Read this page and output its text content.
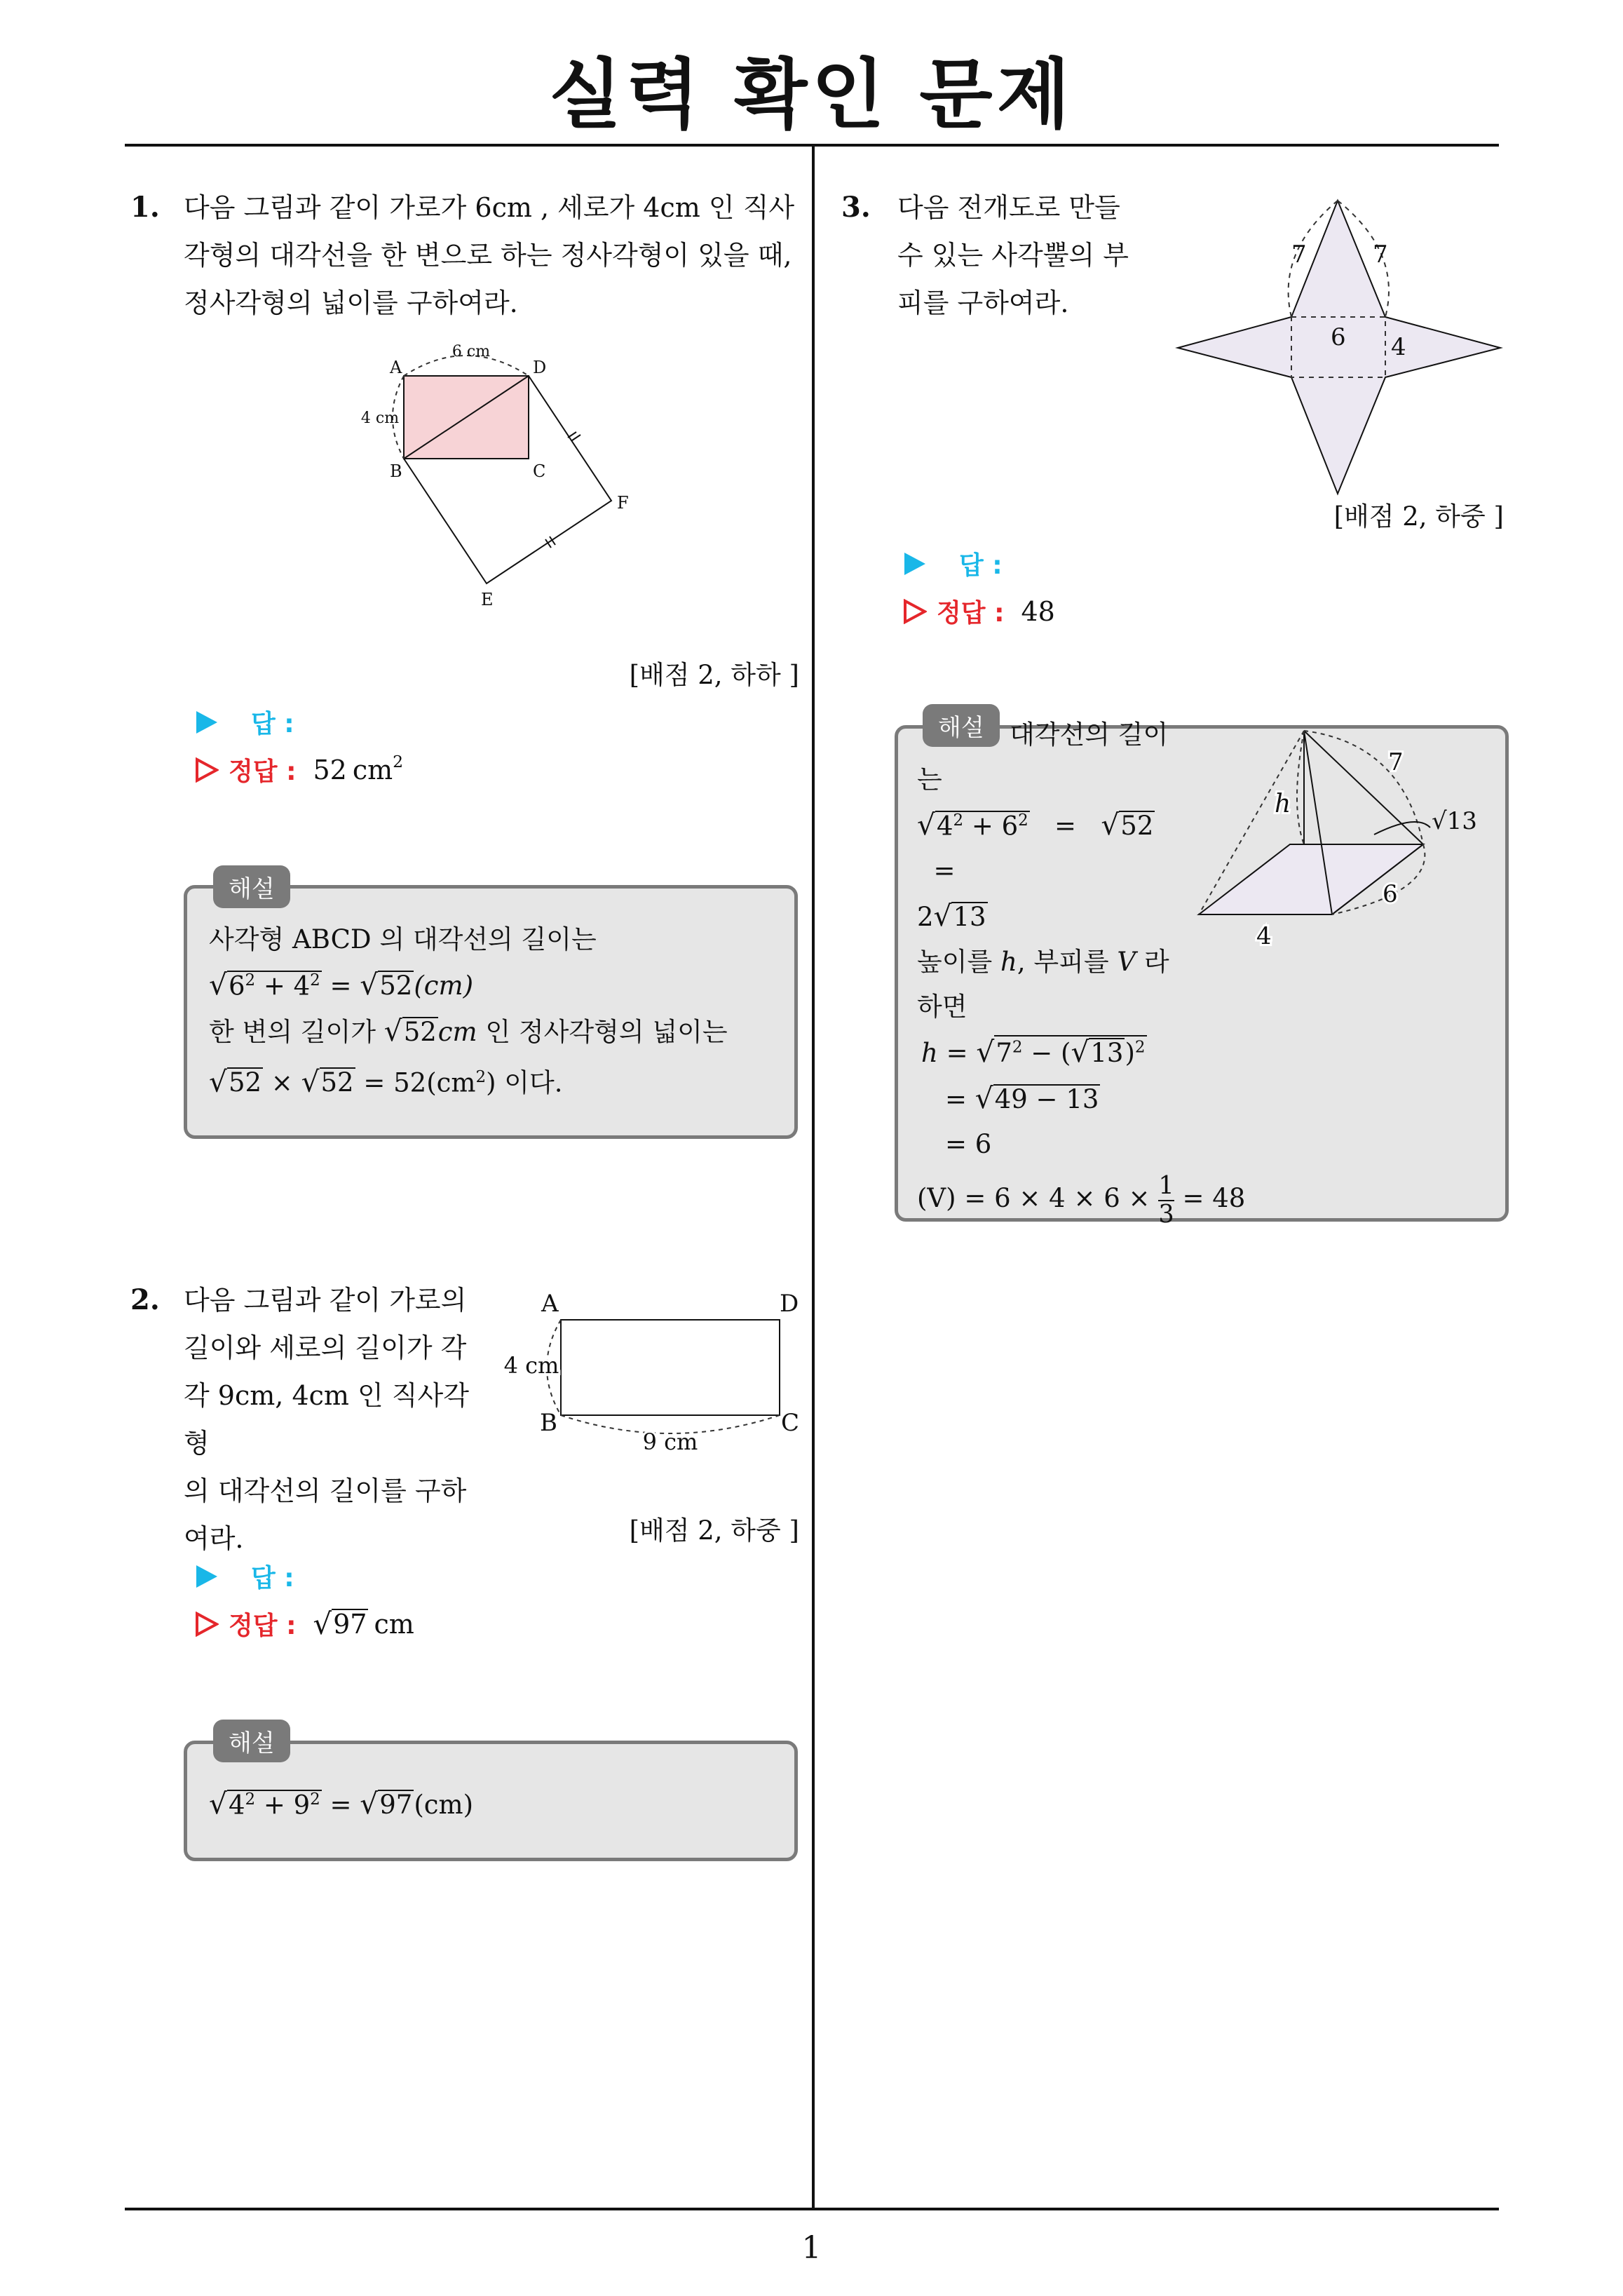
실력 확인 문제
1
1. 다음 그림과 같이 가로가 6cm , 세로가 4cm 인 직사
각형의 대각선을 한 변으로 하는 정사각형이 있을 때,
정사각형의 넓이를 구하여라.
6 cm
4 cm
A	D
B	C
F
E
[배점 2, 하하 ]
답 :
정답 : 52 $cm^2$
해설
사각형 ABCD 의 대각선의 길이는
$√6^2 + 4^2 = √52(cm)$
한 변의 길이가 √52cm 인 정사각형의 넓이는
$√52 \times √52 = 52(cm^2)$ 이다.
2. 다음 그림과 같이 가로의
길이와 세로의 길이가 각
각 9cm, 4cm 인 직사각형
의 대각선의 길이를 구하
여라.
A	D
B	C
4 cm
9 cm
[배점 2, 하중 ]
답 :
정답 : √ 97 cm
해설
$√4^2 + 9^2 = √97(cm)$
3. 다음 전개도로 만들
수 있는 사각뿔의 부
피를 구하여라.
7	7
6 4
[배점 2, 하중 ]
답 :
정답 : 48
해설
h
7
√13
6
4
대각선의 길이
는
$√4^2 + 6^2 = √52$   =
2√13
높이를 h, 부피를 V 라
하면
$h = √7^2 - (√13)^2$
= √49 − 13
= 6
$(V) = 6 \times 4 \times 6 \times \frac{1}{3} = 48$
